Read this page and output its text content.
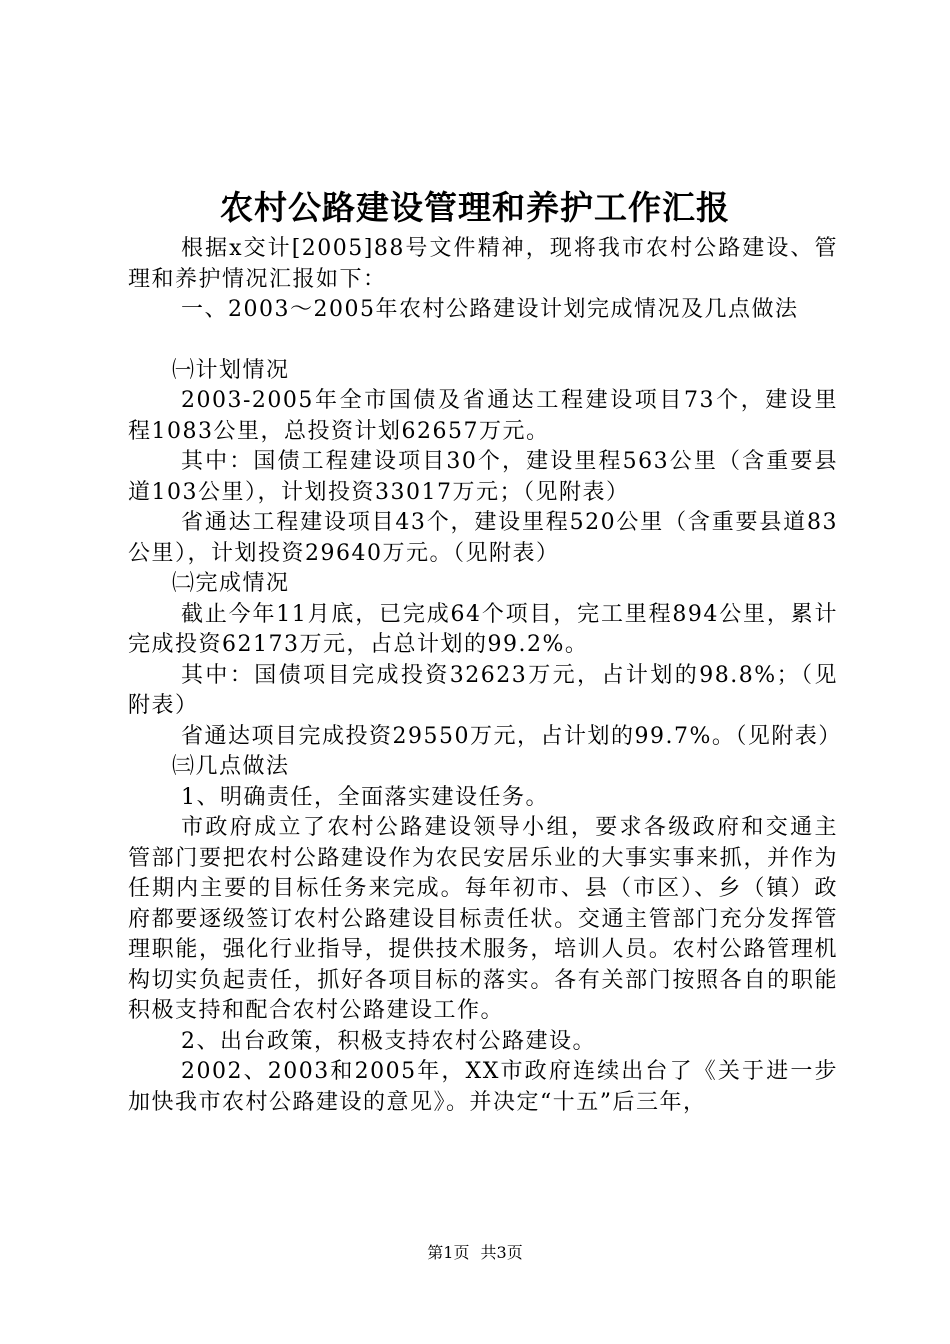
农村公路建设管理和养护工作汇报

根据x交计[2005]88号文件精神，现将我市农村公路建设、管理和养护情况汇报如下：

一、2003～2005年农村公路建设计划完成情况及几点做法

㈠计划情况

2003-2005年全市国债及省通达工程建设项目73个，建设里程1083公里，总投资计划62657万元。

其中：国债工程建设项目30个，建设里程563公里（含重要县道103公里），计划投资33017万元；（见附表）

省通达工程建设项目43个，建设里程520公里（含重要县道83公里），计划投资29640万元。（见附表）

㈡完成情况

截止今年11月底，已完成64个项目，完工里程894公里，累计完成投资62173万元，占总计划的99.2%。

其中：国债项目完成投资32623万元，占计划的98.8%；（见附表）

省通达项目完成投资29550万元，占计划的99.7%。（见附表）

㈢几点做法

1、明确责任，全面落实建设任务。

市政府成立了农村公路建设领导小组，要求各级政府和交通主管部门要把农村公路建设作为农民安居乐业的大事实事来抓，并作为任期内主要的目标任务来完成。每年初市、县（市区）、乡（镇）政府都要逐级签订农村公路建设目标责任状。交通主管部门充分发挥管理职能，强化行业指导，提供技术服务，培训人员。农村公路管理机构切实负起责任，抓好各项目标的落实。各有关部门按照各自的职能积极支持和配合农村公路建设工作。

2、出台政策，积极支持农村公路建设。

2002、2003和2005年，XX市政府连续出台了《关于进一步加快我市农村公路建设的意见》。并决定“十五”后三年，

第1页 共3页
